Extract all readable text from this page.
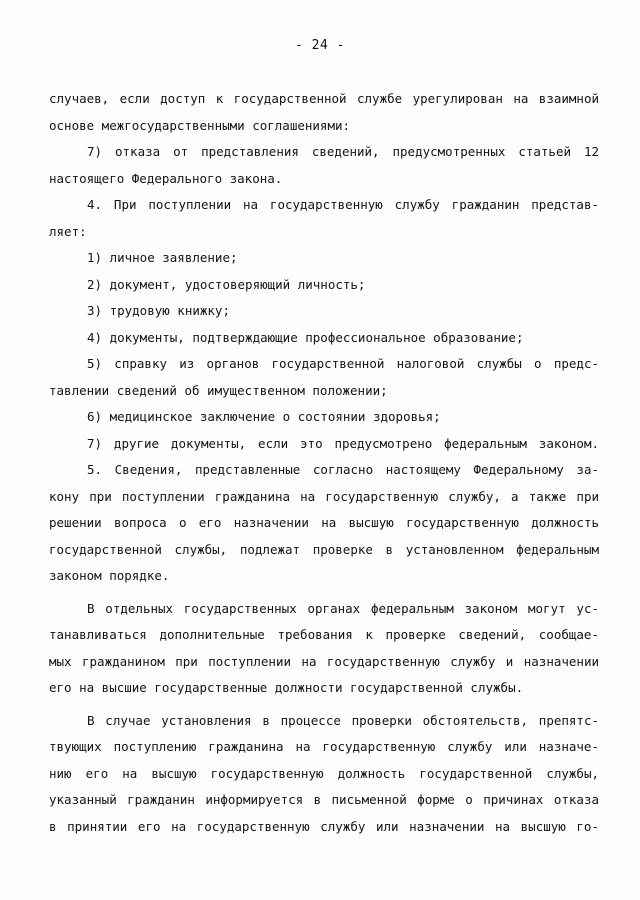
- 24 -
случаев, если доступ к государственной службе урегулирован на взаимной
основе межгосударственными соглашениями:
7) отказа от представления сведений, предусмотренных статьей 12
настоящего Федерального закона.
4. При поступлении на государственную службу гражданин представ-
ляет:
1) личное заявление;
2) документ, удостоверяющий личность;
3) трудовую книжку;
4) документы, подтверждающие профессиональное образование;
5) справку из органов государственной налоговой службы о предс-
тавлении сведений об имущественном положении;
6) медицинское заключение о состоянии здоровья;
7) другие документы, если это предусмотрено федеральным законом.
5. Сведения, представленные согласно настоящему Федеральному за-
кону при поступлении гражданина на государственную службу, а также при
решении вопроса о его назначении на высшую государственную должность
государственной службы, подлежат проверке в установленном федеральным
законом порядке.
В отдельных государственных органах федеральным законом могут ус-
танавливаться дополнительные требования к проверке сведений, сообщае-
мых гражданином при поступлении на государственную службу и назначении
его на высшие государственные должности государственной службы.
В случае установления в процессе проверки обстоятельств, препятс-
твующих поступлению гражданина на государственную службу или назначе-
нию его на высшую государственную должность государственной службы,
указанный гражданин информируется в письменной форме о причинах отказа
в принятии его на государственную службу или назначении на высшую го-
